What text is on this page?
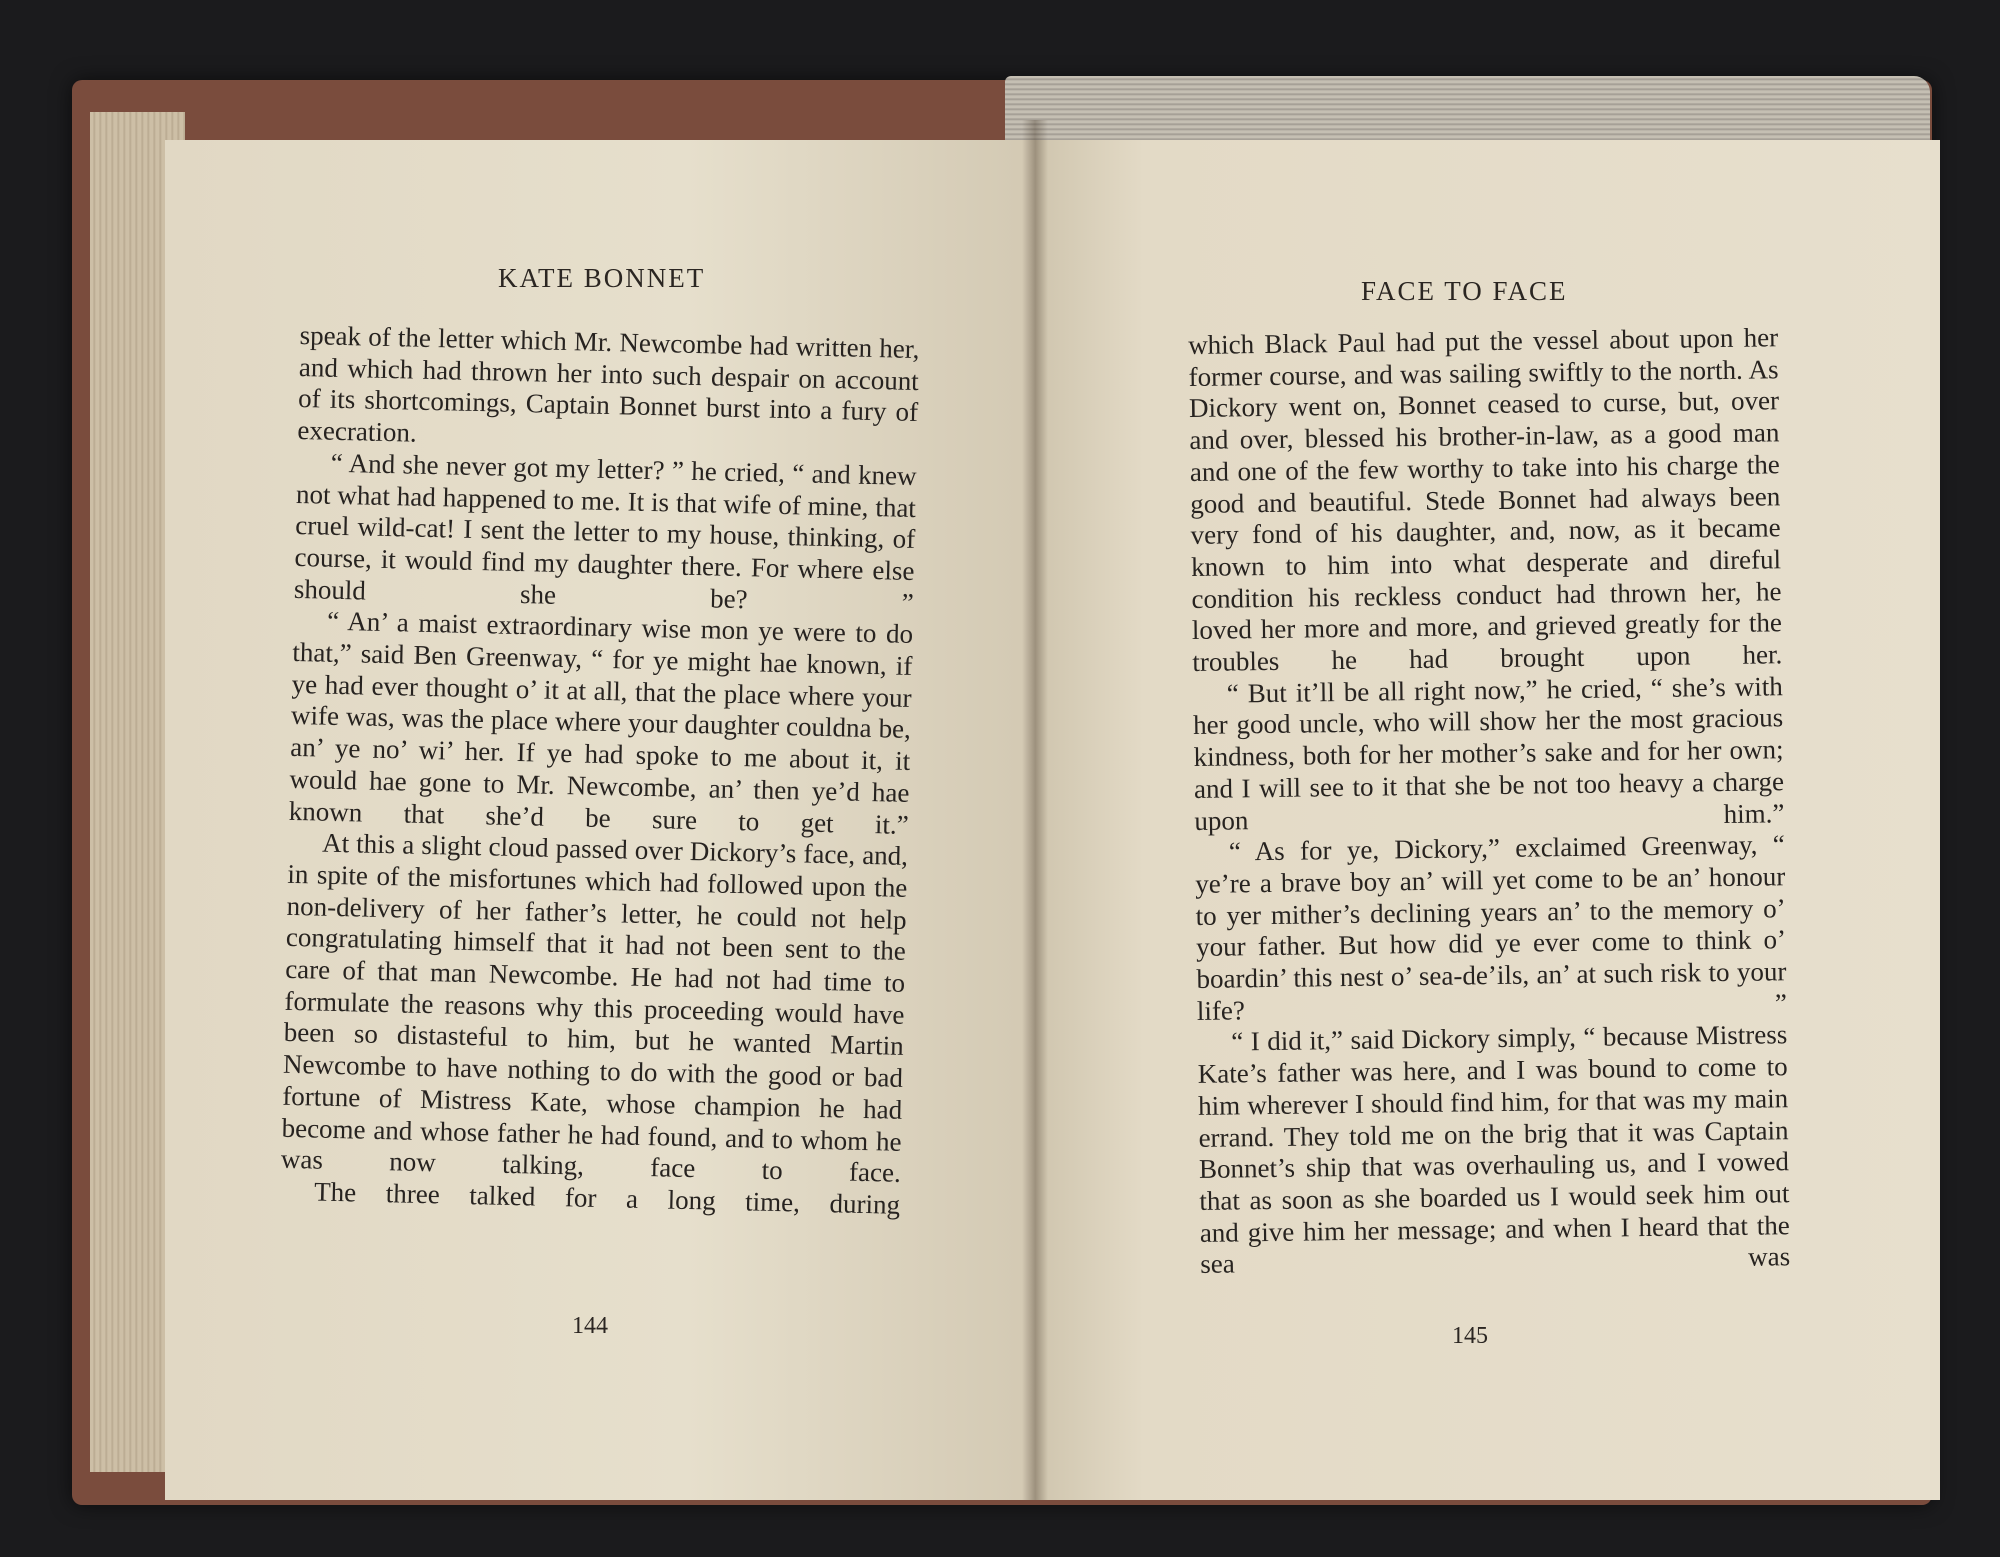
KATE BONNET

speak of the letter which Mr. Newcombe had written her, and which had thrown her into such despair on account of its shortcomings, Captain Bonnet burst into a fury of execration.

“ And she never got my letter? ” he cried, “ and knew not what had happened to me. It is that wife of mine, that cruel wild-cat! I sent the letter to my house, thinking, of course, it would find my daughter there. For where else should she be? ”

“ An’ a maist extraordinary wise mon ye were to do that,” said Ben Greenway, “ for ye might hae known, if ye had ever thought o’ it at all, that the place where your wife was, was the place where your daughter couldna be, an’ ye no’ wi’ her. If ye had spoke to me about it, it would hae gone to Mr. Newcombe, an’ then ye’d hae known that she’d be sure to get it.”

At this a slight cloud passed over Dickory’s face, and, in spite of the misfortunes which had followed upon the non-delivery of her father’s letter, he could not help congratulating himself that it had not been sent to the care of that man Newcombe. He had not had time to formulate the reasons why this proceeding would have been so distasteful to him, but he wanted Martin Newcombe to have nothing to do with the good or bad fortune of Mistress Kate, whose champion he had become and whose father he had found, and to whom he was now talking, face to face.

The three talked for a long time, during

144
FACE TO FACE

which Black Paul had put the vessel about upon her former course, and was sailing swiftly to the north. As Dickory went on, Bonnet ceased to curse, but, over and over, blessed his brother-in-law, as a good man and one of the few worthy to take into his charge the good and beautiful. Stede Bonnet had always been very fond of his daughter, and, now, as it became known to him into what desperate and direful condition his reckless conduct had thrown her, he loved her more and more, and grieved greatly for the troubles he had brought upon her.

“ But it’ll be all right now,” he cried, “ she’s with her good uncle, who will show her the most gracious kindness, both for her mother’s sake and for her own; and I will see to it that she be not too heavy a charge upon him.”

“ As for ye, Dickory,” exclaimed Greenway, “ ye’re a brave boy an’ will yet come to be an’ honour to yer mither’s declining years an’ to the memory o’ your father. But how did ye ever come to think o’ boardin’ this nest o’ sea-de’ils, an’ at such risk to your life? ”

“ I did it,” said Dickory simply, “ because Mistress Kate’s father was here, and I was bound to come to him wherever I should find him, for that was my main errand. They told me on the brig that it was Captain Bonnet’s ship that was overhauling us, and I vowed that as soon as she boarded us I would seek him out and give him her message; and when I heard that the sea was

145
